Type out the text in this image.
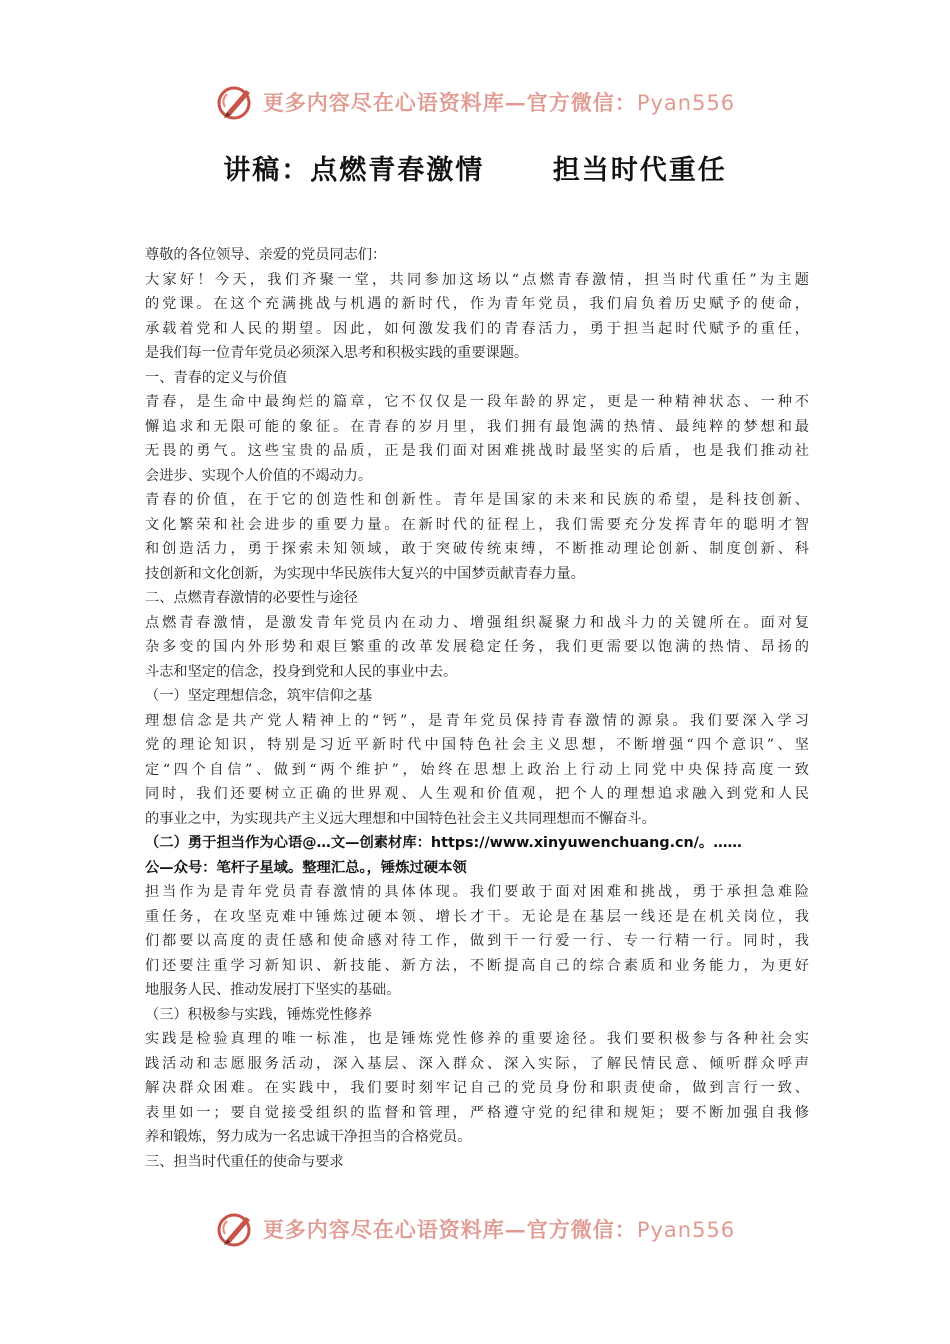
更多内容尽在心语资料库—官方微信：Pyan556
讲稿：点燃青春激情      担当时代重任
尊敬的各位领导、亲爱的党员同志们：
大家好！今天，我们齐聚一堂，共同参加这场以“点燃青春激情，担当时代重任”为主题
的党课。在这个充满挑战与机遇的新时代，作为青年党员，我们肩负着历史赋予的使命，
承载着党和人民的期望。因此，如何激发我们的青春活力，勇于担当起时代赋予的重任，
是我们每一位青年党员必须深入思考和积极实践的重要课题。
一、青春的定义与价值
青春，是生命中最绚烂的篇章，它不仅仅是一段年龄的界定，更是一种精神状态、一种不
懈追求和无限可能的象征。在青春的岁月里，我们拥有最饱满的热情、最纯粹的梦想和最
无畏的勇气。这些宝贵的品质，正是我们面对困难挑战时最坚实的后盾，也是我们推动社
会进步、实现个人价值的不竭动力。
青春的价值，在于它的创造性和创新性。青年是国家的未来和民族的希望，是科技创新、
文化繁荣和社会进步的重要力量。在新时代的征程上，我们需要充分发挥青年的聪明才智
和创造活力，勇于探索未知领域，敢于突破传统束缚，不断推动理论创新、制度创新、科
技创新和文化创新，为实现中华民族伟大复兴的中国梦贡献青春力量。
二、点燃青春激情的必要性与途径
点燃青春激情，是激发青年党员内在动力、增强组织凝聚力和战斗力的关键所在。面对复
杂多变的国内外形势和艰巨繁重的改革发展稳定任务，我们更需要以饱满的热情、昂扬的
斗志和坚定的信念，投身到党和人民的事业中去。
（一）坚定理想信念，筑牢信仰之基
理想信念是共产党人精神上的“钙”，是青年党员保持青春激情的源泉。我们要深入学习
党的理论知识，特别是习近平新时代中国特色社会主义思想，不断增强“四个意识”、坚
定“四个自信”、做到“两个维护”，始终在思想上政治上行动上同党中央保持高度一致
同时，我们还要树立正确的世界观、人生观和价值观，把个人的理想追求融入到党和人民
的事业之中，为实现共产主义远大理想和中国特色社会主义共同理想而不懈奋斗。
（二）勇于担当作为心语@…文—创素材库：https://www.xinyuwenchuang.cn/。……
公—众号：笔杆子星域。整理汇总。，锤炼过硬本领
担当作为是青年党员青春激情的具体体现。我们要敢于面对困难和挑战，勇于承担急难险
重任务，在攻坚克难中锤炼过硬本领、增长才干。无论是在基层一线还是在机关岗位，我
们都要以高度的责任感和使命感对待工作，做到干一行爱一行、专一行精一行。同时，我
们还要注重学习新知识、新技能、新方法，不断提高自己的综合素质和业务能力，为更好
地服务人民、推动发展打下坚实的基础。
（三）积极参与实践，锤炼党性修养
实践是检验真理的唯一标准，也是锤炼党性修养的重要途径。我们要积极参与各种社会实
践活动和志愿服务活动，深入基层、深入群众、深入实际，了解民情民意、倾听群众呼声
解决群众困难。在实践中，我们要时刻牢记自己的党员身份和职责使命，做到言行一致、
表里如一；要自觉接受组织的监督和管理，严格遵守党的纪律和规矩；要不断加强自我修
养和锻炼，努力成为一名忠诚干净担当的合格党员。
三、担当时代重任的使命与要求
更多内容尽在心语资料库—官方微信：Pyan556
